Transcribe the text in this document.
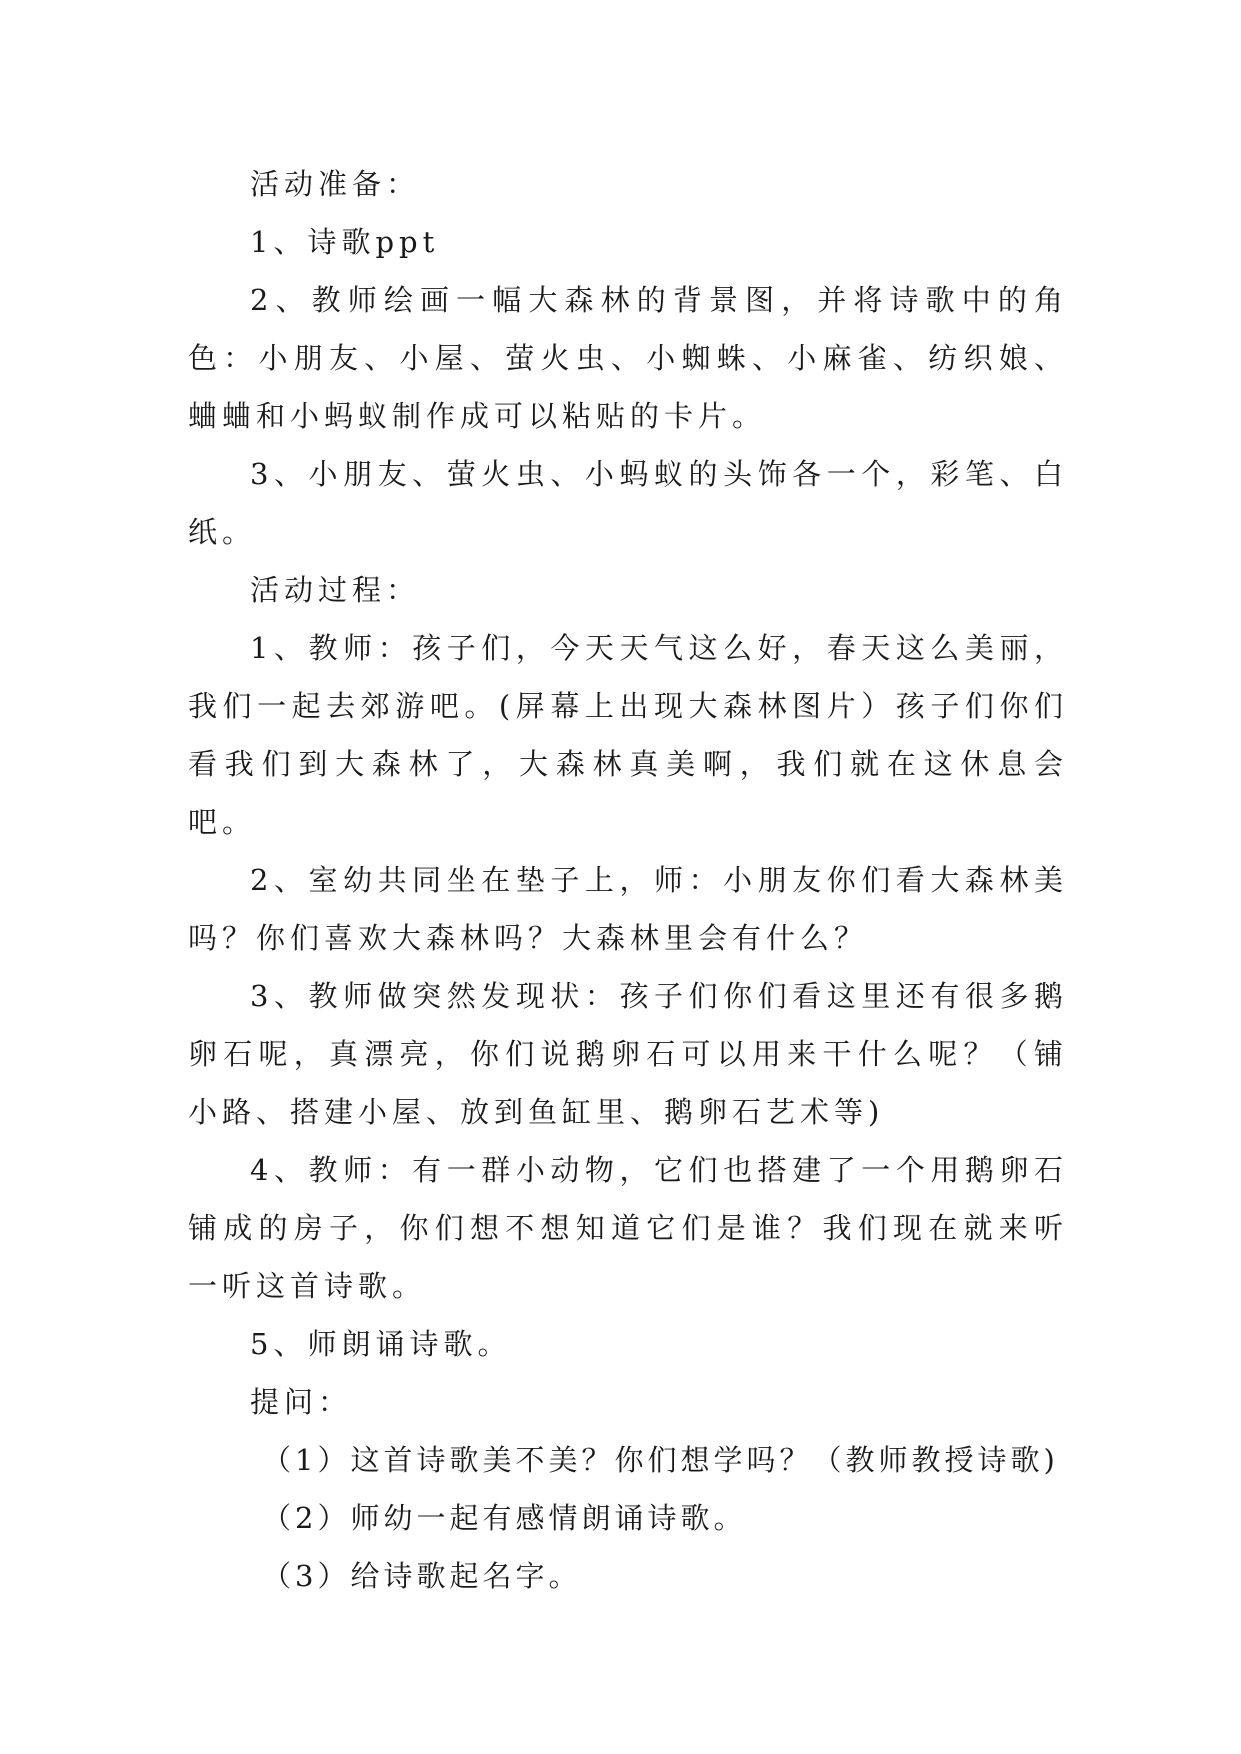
活动准备：

1、诗歌ppt

2、教师绘画一幅大森林的背景图，并将诗歌中的角色：小朋友、小屋、萤火虫、小蜘蛛、小麻雀、纺织娘、蛐蛐和小蚂蚁制作成可以粘贴的卡片。

3、小朋友、萤火虫、小蚂蚁的头饰各一个，彩笔、白纸。

活动过程：

1、教师：孩子们，今天天气这么好，春天这么美丽，我们一起去郊游吧。(屏幕上出现大森林图片）孩子们你们看我们到大森林了，大森林真美啊，我们就在这休息会吧。

2、室幼共同坐在垫子上，师：小朋友你们看大森林美吗？你们喜欢大森林吗？大森林里会有什么？

3、教师做突然发现状：孩子们你们看这里还有很多鹅卵石呢，真漂亮，你们说鹅卵石可以用来干什么呢？（铺小路、搭建小屋、放到鱼缸里、鹅卵石艺术等)

4、教师：有一群小动物，它们也搭建了一个用鹅卵石铺成的房子，你们想不想知道它们是谁？我们现在就来听一听这首诗歌。

5、师朗诵诗歌。

提问：

（1）这首诗歌美不美？你们想学吗？（教师教授诗歌)

（2）师幼一起有感情朗诵诗歌。

（3）给诗歌起名字。
